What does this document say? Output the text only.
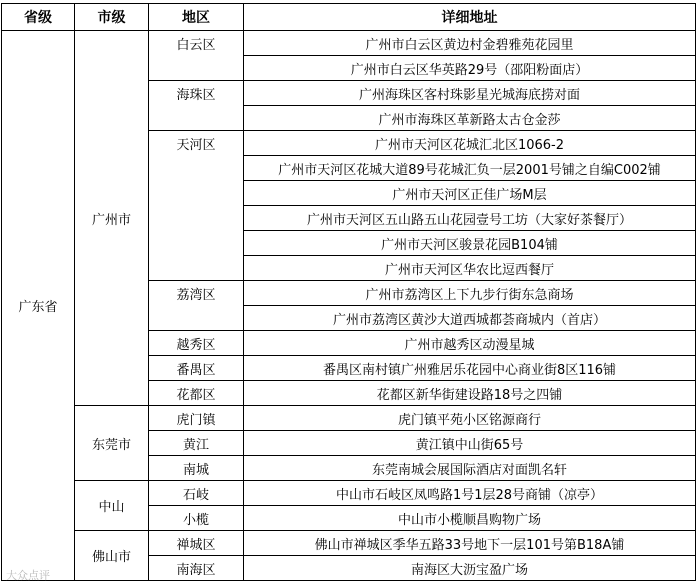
省级	市级	地区	详细地址
广东省	广州市	白云区	广州市白云区黄边村金碧雅苑花园里
			广州市白云区华英路29号（邵阳粉面店）
		海珠区	广州海珠区客村珠影星光城海底捞对面
			广州市海珠区革新路太古仓金莎
		天河区	广州市天河区花城汇北区1066-2
			广州市天河区花城大道89号花城汇负一层2001号铺之自编C002铺
			广州市天河区正佳广场M层
			广州市天河区五山路五山花园壹号工坊（大家好茶餐厅）
			广州市天河区骏景花园B104铺
			广州市天河区华农比逗西餐厅
		荔湾区	广州市荔湾区上下九步行街东急商场
			广州市荔湾区黄沙大道西城都荟商城内（首店）
		越秀区	广州市越秀区动漫星城
		番禺区	番禺区南村镇广州雅居乐花园中心商业街8区116铺
		花都区	花都区新华街建设路18号之四铺
	东莞市	虎门镇	虎门镇平苑小区铭源商行
		黄江	黄江镇中山街65号
		南城	东莞南城会展国际酒店对面凯名轩
	中山	石岐	中山市石岐区凤鸣路1号1层28号商铺（凉亭）
		小榄	中山市小榄顺昌购物广场
	佛山市	禅城区	佛山市禅城区季华五路33号地下一层101号第B18A铺
		南海区	南海区大沥宝盈广场
大众点评
